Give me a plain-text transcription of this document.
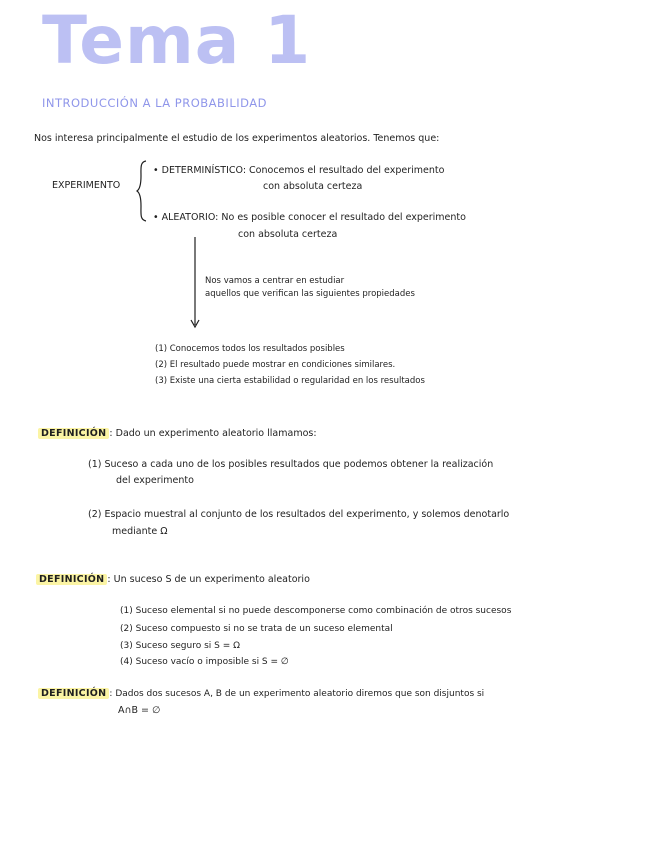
Tema 1
INTRODUCCIÓN A LA PROBABILIDAD
Nos interesa principalmente el estudio de los experimentos aleatorios. Tenemos que:
EXPERIMENTO
• DETERMINÍSTICO: Conocemos el resultado del experimento
con absoluta certeza
• ALEATORIO: No es posible conocer el resultado del experimento
con absoluta certeza
Nos vamos a centrar en estudiar
aquellos que verifican las siguientes propiedades
(1) Conocemos todos los resultados posibles
(2) El resultado puede mostrar en condiciones similares.
(3) Existe una cierta estabilidad o regularidad en los resultados
DEFINICIÓN : Dado un experimento aleatorio llamamos:
(1) Suceso a cada uno de los posibles resultados que podemos obtener la realización
del experimento
(2) Espacio muestral al conjunto de los resultados del experimento, y solemos denotarlo
mediante Ω
DEFINICIÓN : Un suceso S de un experimento aleatorio
(1) Suceso elemental si no puede descomponerse como combinación de otros sucesos
(2) Suceso compuesto si no se trata de un suceso elemental
(3) Suceso seguro si S = Ω
(4) Suceso vacío o imposible si S = ∅
DEFINICIÓN : Dados dos sucesos A, B de un experimento aleatorio diremos que son disjuntos si
A∩B = ∅
